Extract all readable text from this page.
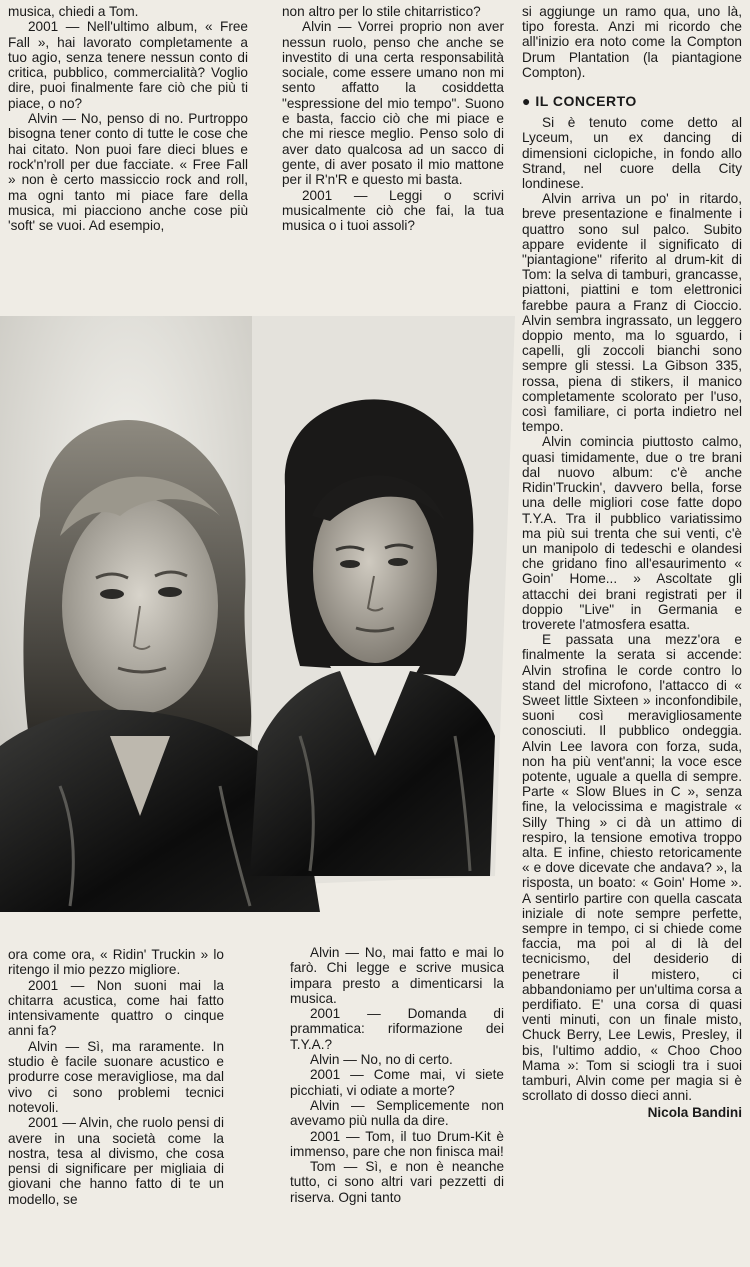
musica, chiedi a Tom.

2001 — Nell'ultimo album, « Free Fall », hai lavorato completamente a tuo agio, senza tenere nessun conto di critica, pubblico, commercialità? Voglio dire, puoi finalmente fare ciò che più ti piace, o no?

Alvin — No, penso di no. Purtroppo bisogna tener conto di tutte le cose che hai citato. Non puoi fare dieci blues e rock'n'roll per due facciate. « Free Fall » non è certo massiccio rock and roll, ma ogni tanto mi piace fare della musica, mi piacciono anche cose più 'soft' se vuoi. Ad esempio,

non altro per lo stile chitarristico?

Alvin — Vorrei proprio non aver nessun ruolo, penso che anche se investito di una certa responsabilità sociale, come essere umano non mi sento affatto la cosiddetta "espressione del mio tempo". Suono e basta, faccio ciò che mi piace e che mi riesce meglio. Penso solo di aver dato qualcosa ad un sacco di gente, di aver posato il mio mattone per il R'n'R e questo mi basta.

2001 — Leggi o scrivi musicalmente ciò che fai, la tua musica o i tuoi assoli?

si aggiunge un ramo qua, uno là, tipo foresta. Anzi mi ricordo che all'inizio era noto come la Compton Drum Plantation (la piantagione Compton).

● IL CONCERTO

Si è tenuto come detto al Lyceum, un ex dancing di dimensioni ciclopiche, in fondo allo Strand, nel cuore della City londinese.

Alvin arriva un po' in ritardo, breve presentazione e finalmente i quattro sono sul palco. Subito appare evidente il significato di "piantagione" riferito al drum-kit di Tom: la selva di tamburi, grancasse, piattoni, piattini e tom elettronici farebbe paura a Franz di Cioccio. Alvin sembra ingrassato, un leggero doppio mento, ma lo sguardo, i capelli, gli zoccoli bianchi sono sempre gli stessi. La Gibson 335, rossa, piena di stikers, il manico completamente scolorato per l'uso, così familiare, ci porta indietro nel tempo.

Alvin comincia piuttosto calmo, quasi timidamente, due o tre brani dal nuovo album: c'è anche Ridin'Truckin', davvero bella, forse una delle migliori cose fatte dopo T.Y.A. Tra il pubblico variatissimo ma più sui trenta che sui venti, c'è un manipolo di tedeschi e olandesi che gridano fino all'esaurimento « Goin' Home... » Ascoltate gli attacchi dei brani registrati per il doppio "Live" in Germania e troverete l'atmosfera esatta.

E passata una mezz'ora e finalmente la serata si accende: Alvin strofina le corde contro lo stand del microfono, l'attacco di « Sweet little Sixteen » inconfondibile, suoni così meravigliosamente conosciuti. Il pubblico ondeggia. Alvin Lee lavora con forza, suda, non ha più vent'anni; la voce esce potente, uguale a quella di sempre. Parte « Slow Blues in C », senza fine, la velocissima e magistrale « Silly Thing » ci dà un attimo di respiro, la tensione emotiva troppo alta. E infine, chiesto retoricamente « e dove dicevate che andava? », la risposta, un boato: « Goin' Home ». A sentirlo partire con quella cascata iniziale di note sempre perfette, sempre in tempo, ci si chiede come faccia, ma poi al di là del tecnicismo, del desiderio di penetrare il mistero, ci abbandoniamo per un'ultima corsa a perdifiato. E' una corsa di quasi venti minuti, con un finale misto, Chuck Berry, Lee Lewis, Presley, il bis, l'ultimo addio, « Choo Choo Mama »: Tom si sciogli tra i suoi tamburi, Alvin come per magia si è scrollato di dosso dieci anni.

Nicola Bandini

ora come ora, « Ridin' Truckin » lo ritengo il mio pezzo migliore.

2001 — Non suoni mai la chitarra acustica, come hai fatto intensivamente quattro o cinque anni fa?

Alvin — Sì, ma raramente. In studio è facile suonare acustico e produrre cose meravigliose, ma dal vivo ci sono problemi tecnici notevoli.

2001 — Alvin, che ruolo pensi di avere in una società come la nostra, tesa al divismo, che cosa pensi di significare per migliaia di giovani che hanno fatto di te un modello, se

Alvin — No, mai fatto e mai lo farò. Chi legge e scrive musica impara presto a dimenticarsi la musica.

2001 — Domanda di prammatica: riformazione dei T.Y.A.?

Alvin — No, no di certo.

2001 — Come mai, vi siete picchiati, vi odiate a morte?

Alvin — Semplicemente non avevamo più nulla da dire.

2001 — Tom, il tuo Drum-Kit è immenso, pare che non finisca mai!

Tom — Sì, e non è neanche tutto, ci sono altri vari pezzetti di riserva. Ogni tanto
